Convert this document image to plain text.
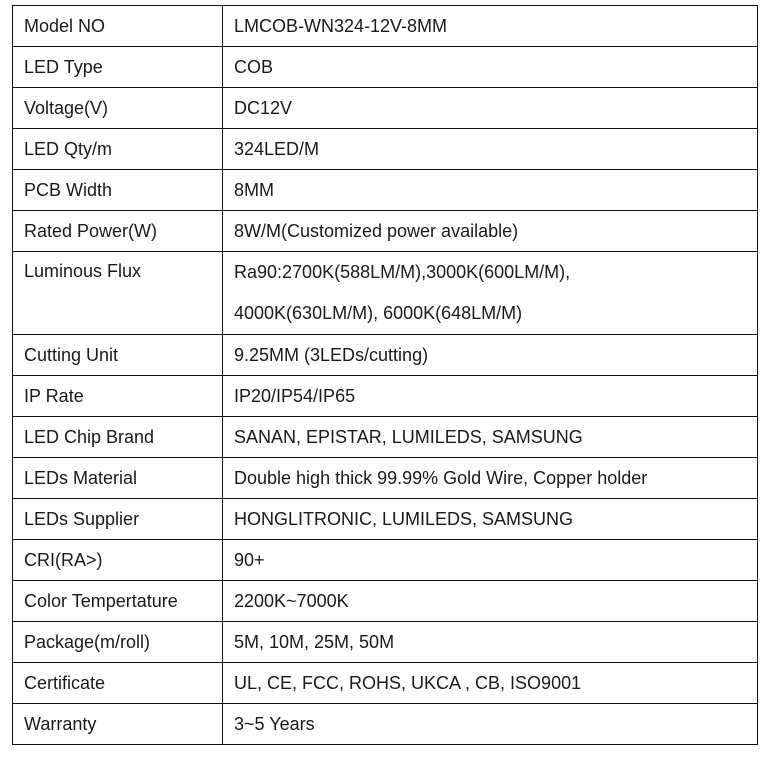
Model NO	LMCOB-WN324-12V-8MM
LED Type	COB
Voltage(V)	DC12V
LED Qty/m	324LED/M
PCB Width	8MM
Rated Power(W)	8W/M(Customized power available)

Luminous Flux	Ra90:2700K(588LM/M),3000K(600LM/M),
4000K(630LM/M), 6000K(648LM/M)

Cutting Unit	9.25MM (3LEDs/cutting)
IP Rate	IP20/IP54/IP65
LED Chip Brand	SANAN, EPISTAR, LUMILEDS, SAMSUNG
LEDs Material	Double high thick 99.99% Gold Wire, Copper holder
LEDs Supplier	HONGLITRONIC, LUMILEDS, SAMSUNG
CRI(RA>)	90+
Color Tempertature	2200K~7000K
Package(m/roll)	5M, 10M, 25M, 50M
Certificate	UL, CE, FCC, ROHS, UKCA , CB, ISO9001
Warranty	3~5 Years
